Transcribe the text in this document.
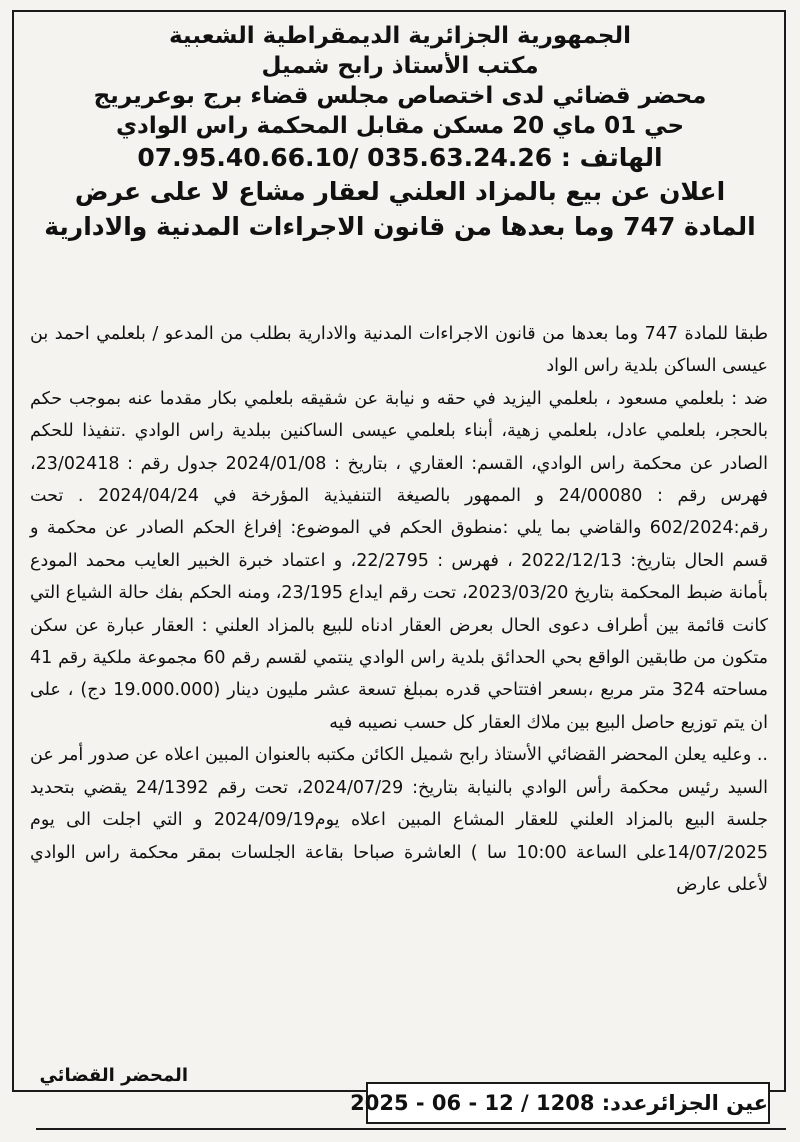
الجمهورية الجزائرية الديمقراطية الشعبية
مكتب الأستاذ رابح شميل
محضر قضائي لدى اختصاص مجلس قضاء برج بوعريريج
حي 01 ماي 20 مسكن مقابل المحكمة راس الوادي
الهاتف : 035.63.24.26 /07.95.40.66.10
اعلان عن بيع بالمزاد العلني لعقار مشاع لا على عرض
المادة 747 وما بعدها من قانون الاجراءات المدنية والادارية

طبقا للمادة 747 وما بعدها من قانون الاجراءات المدنية والادارية بطلب من المدعو / بلعلمي احمد بن عيسى الساكن بلدية راس الواد

ضد : بلعلمي مسعود ، بلعلمي اليزيد في حقه و نيابة عن شقيقه بلعلمي بكار مقدما عنه بموجب حكم بالحجر، بلعلمي عادل، بلعلمي زهية، أبناء بلعلمي عيسى الساكنين ببلدية راس الوادي .تنفيذا للحكم الصادر عن محكمة راس الوادي، القسم: العقاري ، بتاريخ : 2024/01/08 جدول رقم : 23/02418، فهرس رقم : 24/00080 و الممهور بالصيغة التنفيذية المؤرخة في 2024/04/24 . تحت رقم:602/2024 والقاضي بما يلي :منطوق الحكم في الموضوع: إفراغ الحكم الصادر عن محكمة و قسم الحال بتاريخ: 2022/12/13 ، فهرس : 22/2795، و اعتماد خبرة الخبير العايب محمد المودع بأمانة ضبط المحكمة بتاريخ 2023/03/20، تحت رقم ايداع 23/195، ومنه الحكم بفك حالة الشياع التي كانت قائمة بين أطراف دعوى الحال بعرض العقار ادناه للبيع بالمزاد العلني : العقار عبارة عن سكن متكون من طابقين الواقع بحي الحدائق بلدية راس الوادي ينتمي لقسم رقم 60 مجموعة ملكية رقم 41 مساحته 324 متر مربع ،بسعر افتتاحي قدره بمبلغ تسعة عشر مليون دينار (19.000.000 دج) ، على ان يتم توزيع حاصل البيع بين ملاك العقار كل حسب نصيبه فيه

.. وعليه يعلن المحضر القضائي الأستاذ رابح شميل الكائن مكتبه بالعنوان المبين اعلاه عن صدور أمر عن السيد رئيس محكمة رأس الوادي بالنيابة بتاريخ: 2024/07/29، تحت رقم 24/1392 يقضي بتحديد جلسة البيع بالمزاد العلني للعقار المشاع المبين اعلاه يوم2024/09/19 و التي اجلت الى يوم 14/07/2025على الساعة 10:00 سا ) العاشرة صباحا بقاعة الجلسات بمقر محكمة راس الوادي لأعلى عارض

المحضر القضائي
عين الجزائرعدد: 1208 / 12 - 06 - 2025
